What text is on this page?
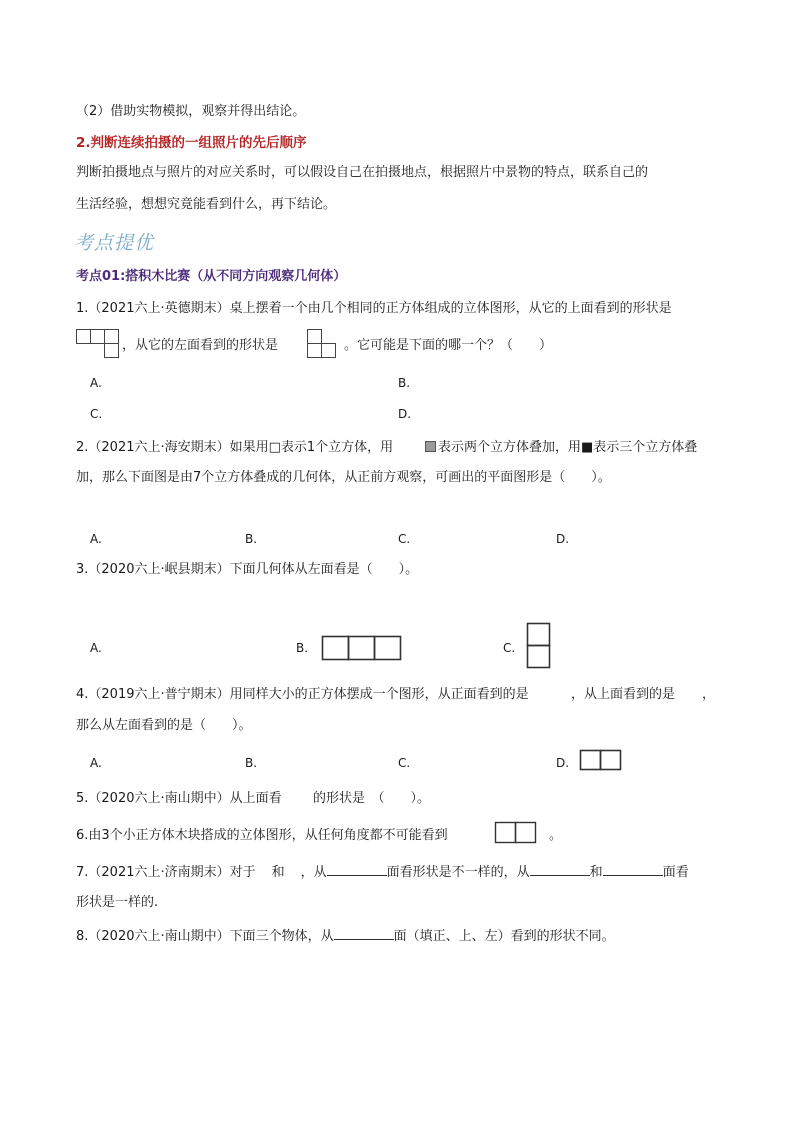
（2）借助实物模拟，观察并得出结论。
2.判断连续拍摄的一组照片的先后顺序
判断拍摄地点与照片的对应关系时，可以假设自己在拍摄地点，根据照片中景物的特点，联系自己的
生活经验，想想究竟能看到什么，再下结论。
考点提优
考点01:搭积木比赛（从不同方向观察几何体）
1.（2021六上·英德期末）桌上摆着一个由几个相同的正方体组成的立体图形，从它的上面看到的形状是
，从它的左面看到的形状是	。它可能是下面的哪一个？（　　）
A.	B.
C.	D.
2.（2021六上·海安期末）如果用□表示1个立方体，用	表示两个立方体叠加，用■表示三个立方体叠
加，那么下面图是由7个立方体叠成的几何体，从正前方观察，可画出的平面图形是（　　）。
A.	B.	C.	D.
3.（2020六上·岷县期末）下面几何体从左面看是（　　）。
A.	B.	C.
4.（2019六上·普宁期末）用同样大小的正方体摆成一个图形，从正面看到的是	，从上面看到的是 ，
那么从左面看到的是（　　）。
A.	B.	C.	D.
5.（2020六上·南山期中）从上面看 的形状是　（　　）。
6.由3个小正方体木块搭成的立体图形，从任何角度都不可能看到	。
7.（2021六上·济南期末）对于 和 ，从	面看形状是不一样的，从	和	面看
形状是一样的.
8.（2020六上·南山期中）下面三个物体，从	面（填正、上、左）看到的形状不同。
